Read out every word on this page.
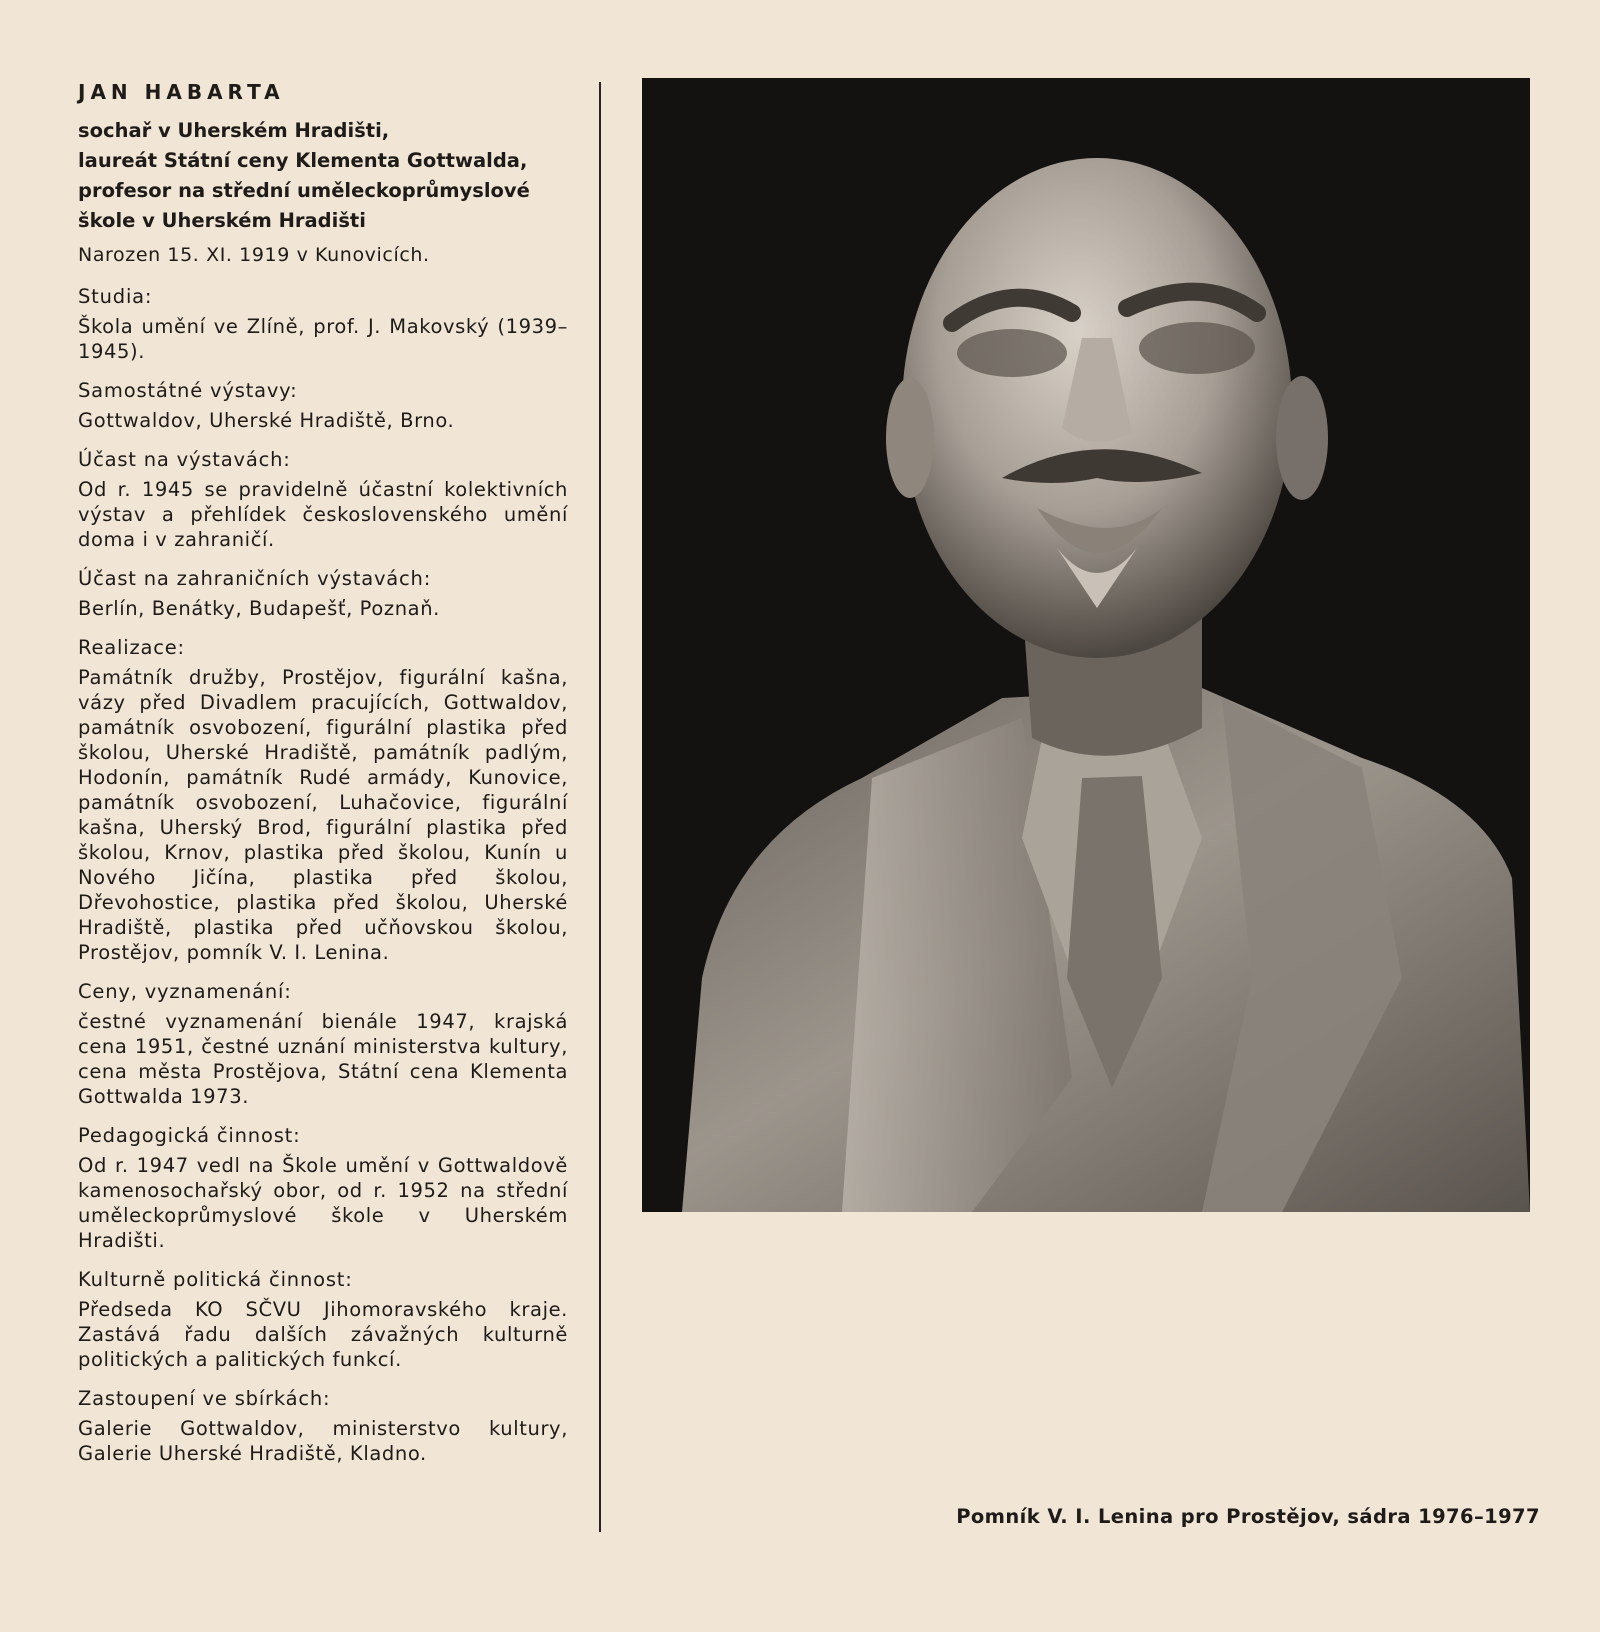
JAN HABARTA
sochař v Uherském Hradišti,
laureát Státní ceny Klementa Gottwalda,
profesor na střední uměleckoprůmyslové
škole v Uherském Hradišti
Narozen 15. XI. 1919 v Kunovicích.
Studia:

Škola umění ve Zlíně, prof. J. Makovský (1939–1945).

Samostátné výstavy:

Gottwaldov, Uherské Hradiště, Brno.

Účast na výstavách:

Od r. 1945 se pravidelně účastní kolektivních výstav a přehlídek československého umění doma i v zahraničí.

Účast na zahraničních výstavách:

Berlín, Benátky, Budapešť, Poznaň.

Realizace:

Památník družby, Prostějov, figurální kašna, vázy před Divadlem pracujících, Gottwaldov, památník osvobození, figurální plastika před školou, Uherské Hradiště, památník padlým, Hodonín, památník Rudé armády, Kunovice, památník osvobození, Luhačovice, figurální kašna, Uherský Brod, figurální plastika před školou, Krnov, plastika před školou, Kunín u Nového Jičína, plastika před školou, Dřevohostice, plastika před školou, Uherské Hradiště, plastika před učňovskou školou, Prostějov, pomník V. I. Lenina.

Ceny, vyznamenání:

čestné vyznamenání bienále 1947, krajská cena 1951, čestné uznání ministerstva kultury, cena města Prostějova, Státní cena Klementa Gottwalda 1973.

Pedagogická činnost:

Od r. 1947 vedl na Škole umění v Gottwaldově kamenosochařský obor, od r. 1952 na střední uměleckoprůmyslové škole v Uherském Hradišti.

Kulturně politická činnost:

Předseda KO SČVU Jihomoravského kraje. Zastává řadu dalších závažných kulturně politických a palitických funkcí.

Zastoupení ve sbírkách:

Galerie Gottwaldov, ministerstvo kultury, Galerie Uherské Hradiště, Kladno.

Pomník V. I. Lenina pro Prostějov, sádra 1976–1977
